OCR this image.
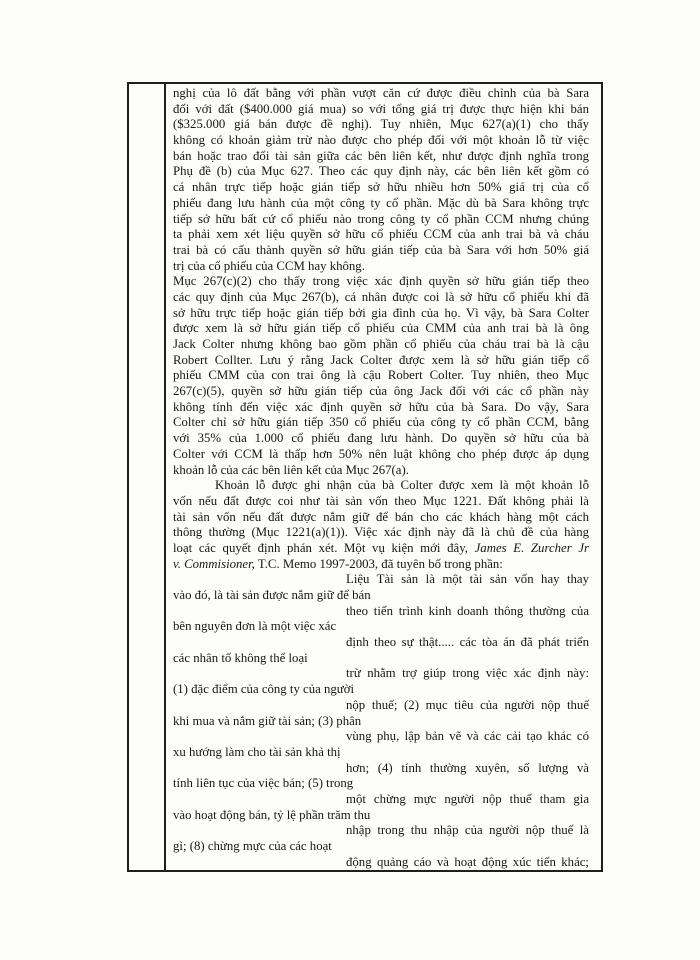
nghị của lô đất bằng với phần vượt căn cứ được điều chỉnh của bà Sara
đối với đất ($400.000 giá mua) so với tổng giá trị được thực hiện khi bán
($325.000 giá bán được đề nghị). Tuy nhiên, Mục 627(a)(1) cho thấy
không có khoản giảm trừ nào được cho phép đối với một khoản lỗ từ việc
bán hoặc trao đổi tài sản giữa các bên liên kết, như được định nghĩa trong
Phụ đề (b) của Mục 627. Theo các quy định này, các bên liên kết gồm có
cá nhân trực tiếp hoặc gián tiếp sở hữu nhiều hơn 50% giá trị của cổ
phiếu đang lưu hành của một công ty cổ phần. Mặc dù bà Sara không trực
tiếp sở hữu bất cứ cổ phiếu nào trong công ty cổ phần CCM nhưng chúng
ta phải xem xét liệu quyền sở hữu cổ phiếu CCM của anh trai bà và cháu
trai bà có cấu thành quyền sở hữu gián tiếp của bà Sara với hơn 50% giá
trị của cổ phiếu của CCM hay không.
Mục 267(c)(2) cho thấy trong việc xác định quyền sở hữu gián tiếp theo
các quy định của Mục 267(b), cá nhân được coi là sở hữu cổ phiếu khi đã
sở hữu trực tiếp hoặc gián tiếp bởi gia đình của họ. Vì vậy, bà Sara Colter
được xem là sở hữu gián tiếp cổ phiếu của CMM của anh trai bà là ông
Jack Colter nhưng không bao gồm phần cổ phiếu của cháu trai bà là cậu
Robert Collter. Lưu ý rằng Jack Colter được xem là sở hữu gián tiếp cổ
phiếu CMM của con trai ông là cậu Robert Colter. Tuy nhiên, theo Mục
267(c)(5), quyền sở hữu gián tiếp của ông Jack đối với các cổ phần này
không tính đến việc xác định quyền sở hữu của bà Sara. Do vậy, Sara
Colter chỉ sở hữu gián tiếp 350 cổ phiếu của công ty cổ phần CCM, bằng
với 35% của 1.000 cổ phiếu đang lưu hành. Do quyền sở hữu của bà
Colter với CCM là thấp hơn 50% nên luật không cho phép được áp dụng
khoản lỗ của các bên liên kết của Mục 267(a).
Khoản lỗ được ghi nhận của bà Colter được xem là một khoản lỗ
vốn nếu đất được coi như tài sản vốn theo Mục 1221. Đất không phải là
tài sản vốn nếu đất được nắm giữ để bán cho các khách hàng một cách
thông thường (Mục 1221(a)(1)). Việc xác định này đã là chủ đề của hàng
loạt các quyết định phán xét. Một vụ kiện mới đây, James E. Zurcher Jr
v. Commisioner, T.C. Memo 1997-2003, đã tuyên bố trong phần:
Liệu Tài sản là một tài sản vốn hay thay
vào đó, là tài sản được nắm giữ để bán
theo tiến trình kinh doanh thông thường của
bên nguyên đơn là một việc xác
định theo sự thật..... các tòa án đã phát triển
các nhân tố không thể loại
trừ nhằm trợ giúp trong việc xác định này:
(1) đặc điểm của công ty của người
nộp thuế; (2) mục tiêu của người nộp thuế
khi mua và nắm giữ tài sản; (3) phân
vùng phụ, lập bản vẽ và các cải tạo khác có
xu hướng làm cho tài sản khả thị
hơn; (4) tính thường xuyên, số lượng và
tính liên tục của việc bán; (5) trong
một chừng mực người nộp thuế tham gia
vào hoạt động bán, tỷ lệ phần trăm thu
nhập trong thu nhập của người nộp thuế là
gì; (8) chừng mực của các hoạt
động quảng cáo và hoạt động xúc tiến khác;
